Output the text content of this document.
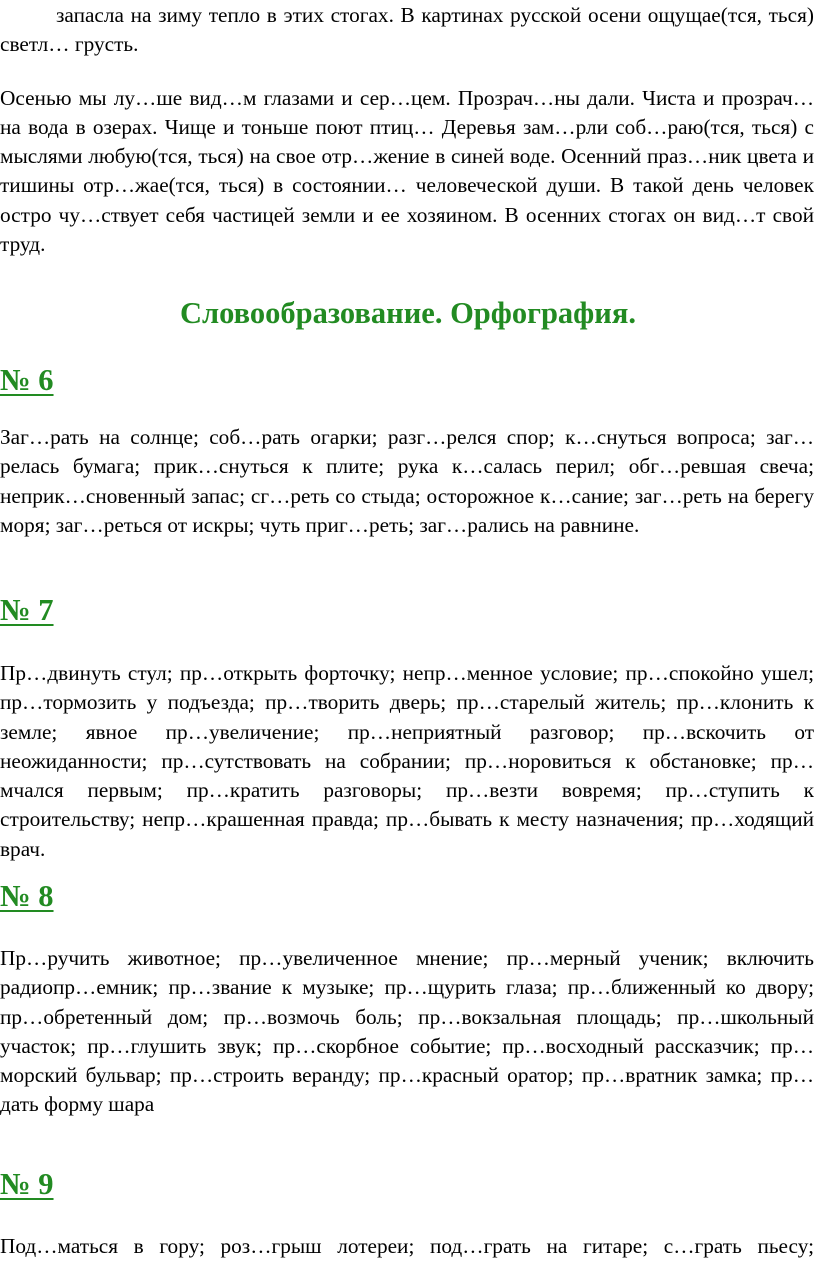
запасла на зиму тепло в этих стогах. В картинах русской осени ощущае(тся, ться) светл… грусть.

Осенью мы лу…ше вид…м глазами и сер…цем. Прозрач…ны дали. Чиста и прозрач…на вода в озерах. Чище и тоньше поют птиц… Деревья зам…рли соб…раю(тся, ться) с мыслями любую(тся, ться) на свое отр…жение в синей воде. Осенний праз…ник цвета и тишины отр…жае(тся, ться) в состоянии… человеческой души. В такой день человек остро чу…ствует себя частицей земли и ее хозяином. В осенних стогах он вид…т свой труд.

Словообразование. Орфография.
№ 6

Заг…рать на солнце; соб…рать огарки; разг…релся спор; к…снуться вопроса; заг…релась бумага; прик…снуться к плите; рука к…салась перил; обг…ревшая свеча; неприк…сновенный запас; сг…реть со стыда; осторожное к…сание; заг…реть на берегу моря; заг…реться от искры; чуть приг…реть; заг…рались на равнине.

№ 7

Пр…двинуть стул; пр…открыть форточку; непр…менное условие; пр…спокойно ушел; пр…тормозить у подъезда; пр…творить дверь; пр…старелый житель; пр…клонить к земле; явное пр…увеличение; пр…неприятный разговор; пр…вскочить от неожиданности; пр…сутствовать на собрании; пр…норовиться к обстановке; пр…мчался первым; пр…кратить разговоры; пр…везти вовремя; пр…ступить к строительству; непр…крашенная правда; пр…бывать к месту назначения; пр…ходящий врач.

№ 8

Пр…ручить животное; пр…увеличенное мнение; пр…мерный ученик; включить радиопр…емник; пр…звание к музыке; пр…щурить глаза; пр…ближенный ко двору; пр…обретенный дом; пр…возмочь боль; пр…вокзальная площадь; пр…школьный участок; пр…глушить звук; пр…скорбное событие; пр…восходный рассказчик; пр…морский бульвар; пр…строить веранду; пр…красный оратор; пр…вратник замка; пр…дать форму шара

№ 9

Под…маться в гору; роз…грыш лотереи; под…грать на гитаре; с…грать пьесу;
